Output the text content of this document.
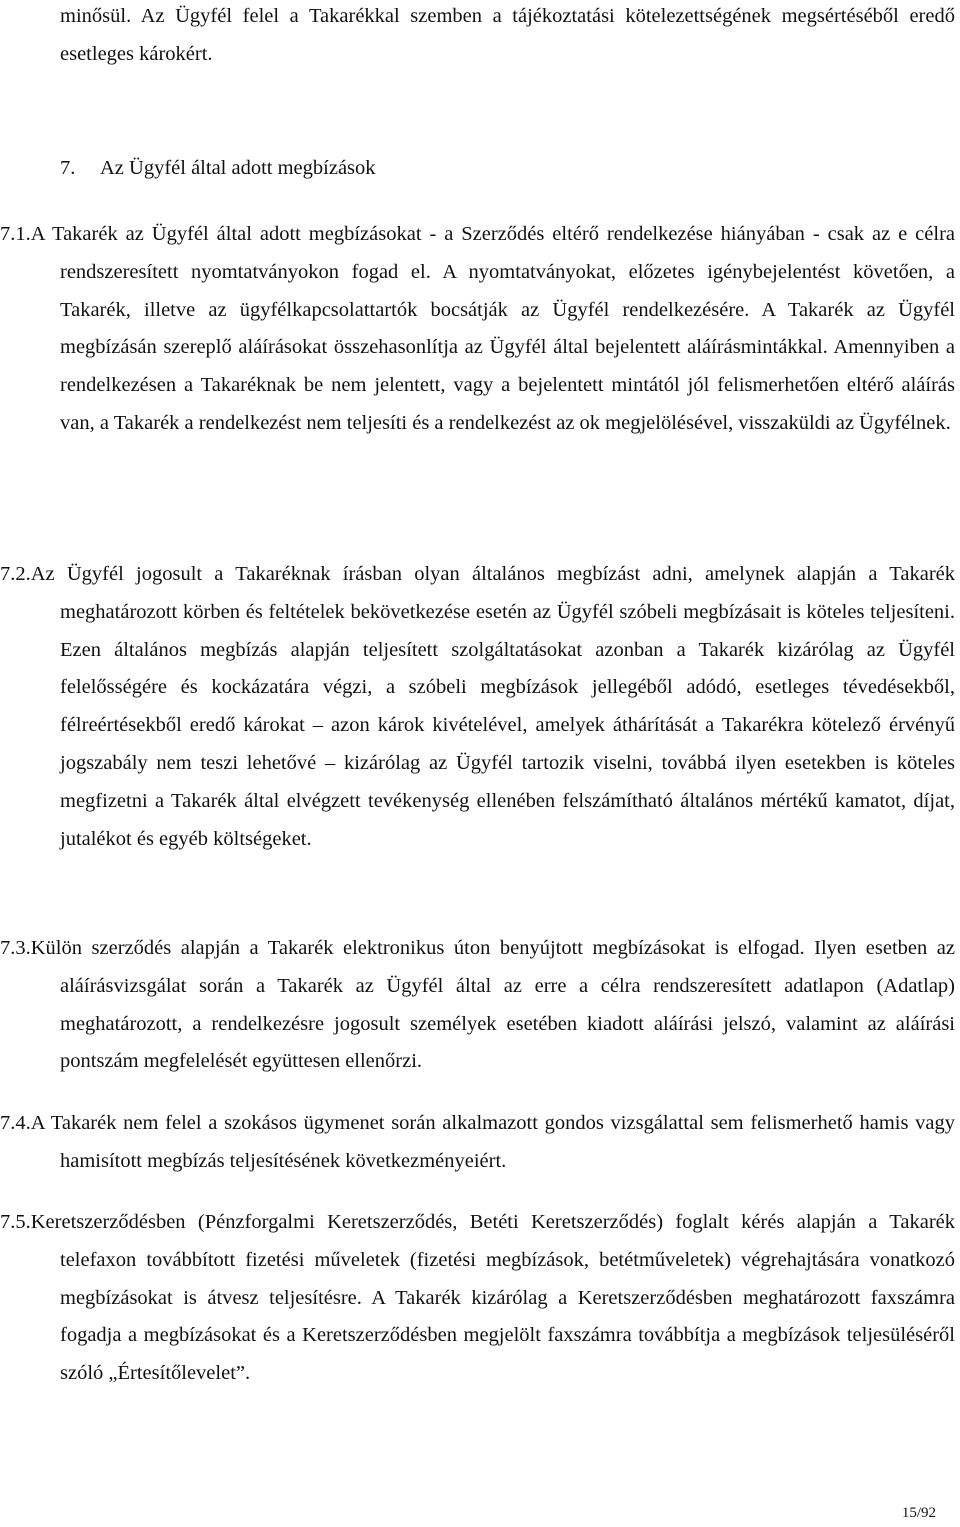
minősül. Az Ügyfél felel a Takarékkal szemben a tájékoztatási kötelezettségének megsértéséből eredő esetleges károkért.

7. Az Ügyfél által adott megbízások

7.1.A Takarék az Ügyfél által adott megbízásokat - a Szerződés eltérő rendelkezése hiányában - csak az e célra rendszeresített nyomtatványokon fogad el. A nyomtatványokat, előzetes igénybejelentést követően, a Takarék, illetve az ügyfélkapcsolattartók bocsátják az Ügyfél rendelkezésére. A Takarék az Ügyfél megbízásán szereplő aláírásokat összehasonlítja az Ügyfél által bejelentett aláírásmintákkal. Amennyiben a rendelkezésen a Takaréknak be nem jelentett, vagy a bejelentett mintától jól felismerhetően eltérő aláírás van, a Takarék a rendelkezést nem teljesíti és a rendelkezést az ok megjelölésével, visszaküldi az Ügyfélnek.

7.2.Az Ügyfél jogosult a Takaréknak írásban olyan általános megbízást adni, amelynek alapján a Takarék meghatározott körben és feltételek bekövetkezése esetén az Ügyfél szóbeli megbízásait is köteles teljesíteni. Ezen általános megbízás alapján teljesített szolgáltatásokat azonban a Takarék kizárólag az Ügyfél felelősségére és kockázatára végzi, a szóbeli megbízások jellegéből adódó, esetleges tévedésekből, félreértésekből eredő károkat – azon károk kivételével, amelyek áthárítását a Takarékra kötelező érvényű jogszabály nem teszi lehetővé – kizárólag az Ügyfél tartozik viselni, továbbá ilyen esetekben is köteles megfizetni a Takarék által elvégzett tevékenység ellenében felszámítható általános mértékű kamatot, díjat, jutalékot és egyéb költségeket.

7.3.Külön szerződés alapján a Takarék elektronikus úton benyújtott megbízásokat is elfogad. Ilyen esetben az aláírásvizsgálat során a Takarék az Ügyfél által az erre a célra rendszeresített adatlapon (Adatlap) meghatározott, a rendelkezésre jogosult személyek esetében kiadott aláírási jelszó, valamint az aláírási pontszám megfelelését együttesen ellenőrzi.

7.4.A Takarék nem felel a szokásos ügymenet során alkalmazott gondos vizsgálattal sem felismerhető hamis vagy hamisított megbízás teljesítésének következményeiért.

7.5.Keretszerződésben (Pénzforgalmi Keretszerződés, Betéti Keretszerződés) foglalt kérés alapján a Takarék telefaxon továbbított fizetési műveletek (fizetési megbízások, betétműveletek) végrehajtására vonatkozó megbízásokat is átvesz teljesítésre. A Takarék kizárólag a Keretszerződésben meghatározott faxszámra fogadja a megbízásokat és a Keretszerződésben megjelölt faxszámra továbbítja a megbízások teljesüléséről szóló „Értesítőlevelet”.

15/92
